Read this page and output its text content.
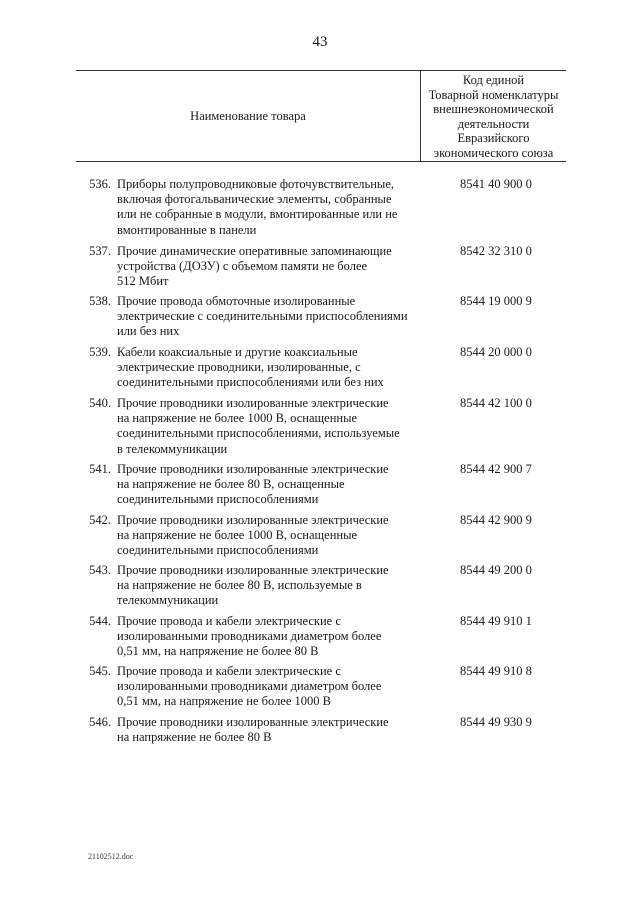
43
Наименование товара
Код единой
Товарной номенклатуры
внешнеэкономической
деятельности
Евразийского
экономического союза
536. Приборы полупроводниковые фоточувствительные,
включая фотогальванические элементы, собранные
или не собранные в модули, вмонтированные или не
вмонтированные в панели
8541 40 900 0
537. Прочие динамические оперативные запоминающие
устройства (ДОЗУ) с объемом памяти не более
512 Мбит
8542 32 310 0
538. Прочие провода обмоточные изолированные
электрические с соединительными приспособлениями
или без них
8544 19 000 9
539. Кабели коаксиальные и другие коаксиальные
электрические проводники, изолированные, с
соединительными приспособлениями или без них
8544 20 000 0
540. Прочие проводники изолированные электрические
на напряжение не более 1000 В, оснащенные
соединительными приспособлениями, используемые
в телекоммуникации
8544 42 100 0
541. Прочие проводники изолированные электрические
на напряжение не более 80 В, оснащенные
соединительными приспособлениями
8544 42 900 7
542. Прочие проводники изолированные электрические
на напряжение не более 1000 В, оснащенные
соединительными приспособлениями
8544 42 900 9
543. Прочие проводники изолированные электрические
на напряжение не более 80 В, используемые в
телекоммуникации
8544 49 200 0
544. Прочие провода и кабели электрические с
изолированными проводниками диаметром более
0,51 мм, на напряжение не более 80 В
8544 49 910 1
545. Прочие провода и кабели электрические с
изолированными проводниками диаметром более
0,51 мм, на напряжение не более 1000 В
8544 49 910 8
546. Прочие проводники изолированные электрические
на напряжение не более 80 В
8544 49 930 9
21102512.doc
